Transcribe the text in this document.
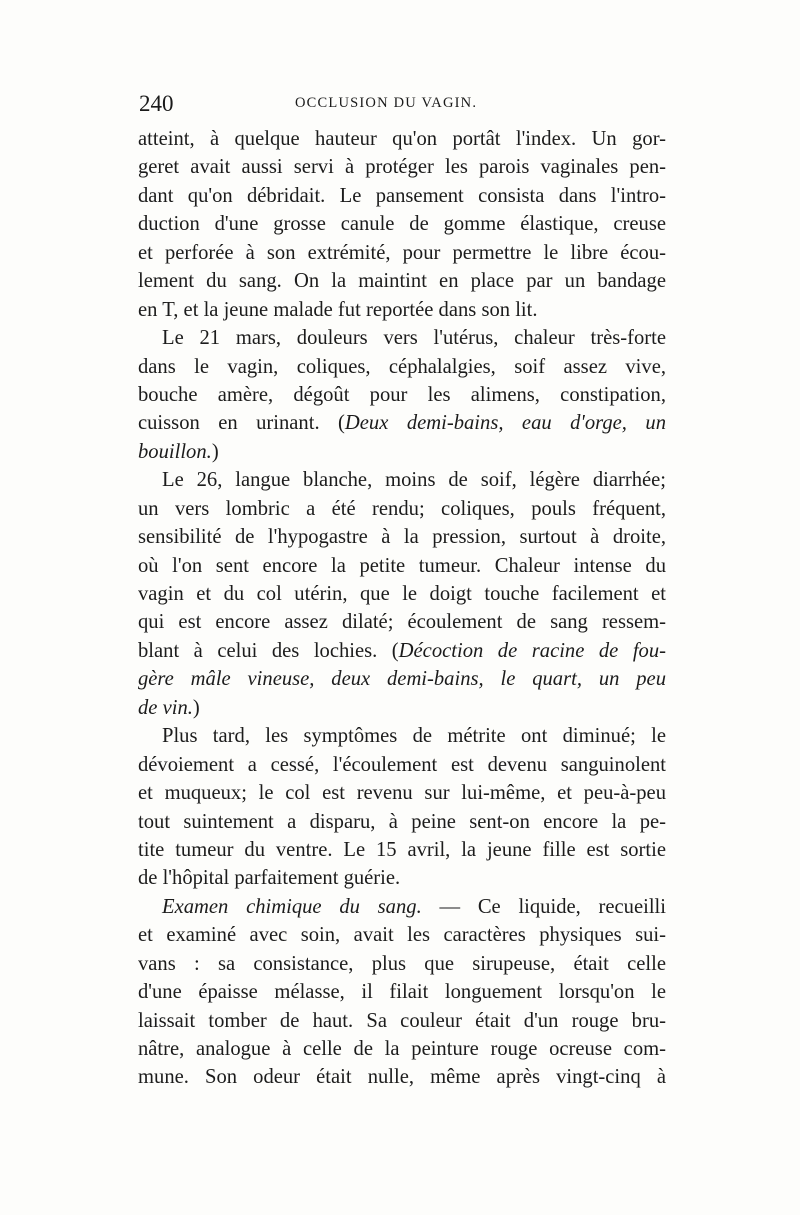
240	OCCLUSION DU VAGIN.
atteint, à quelque hauteur qu'on portât l'index. Un gor-
geret avait aussi servi à protéger les parois vaginales pen-
dant qu'on débridait. Le pansement consista dans l'intro-
duction d'une grosse canule de gomme élastique, creuse
et perforée à son extrémité, pour permettre le libre écou-
lement du sang. On la maintint en place par un bandage
en T, et la jeune malade fut reportée dans son lit.
Le 21 mars, douleurs vers l'utérus, chaleur très-forte
dans le vagin, coliques, céphalalgies, soif assez vive,
bouche amère, dégoût pour les alimens, constipation,
cuisson en urinant. (Deux demi-bains, eau d'orge, un
bouillon.)
Le 26, langue blanche, moins de soif, légère diarrhée;
un vers lombric a été rendu; coliques, pouls fréquent,
sensibilité de l'hypogastre à la pression, surtout à droite,
où l'on sent encore la petite tumeur. Chaleur intense du
vagin et du col utérin, que le doigt touche facilement et
qui est encore assez dilaté; écoulement de sang ressem-
blant à celui des lochies. (Décoction de racine de fou-
gère mâle vineuse, deux demi-bains, le quart, un peu
de vin.)
Plus tard, les symptômes de métrite ont diminué; le
dévoiement a cessé, l'écoulement est devenu sanguinolent
et muqueux; le col est revenu sur lui-même, et peu-à-peu
tout suintement a disparu, à peine sent-on encore la pe-
tite tumeur du ventre. Le 15 avril, la jeune fille est sortie
de l'hôpital parfaitement guérie.
Examen chimique du sang. — Ce liquide, recueilli
et examiné avec soin, avait les caractères physiques sui-
vans : sa consistance, plus que sirupeuse, était celle
d'une épaisse mélasse, il filait longuement lorsqu'on le
laissait tomber de haut. Sa couleur était d'un rouge bru-
nâtre, analogue à celle de la peinture rouge ocreuse com-
mune. Son odeur était nulle, même après vingt-cinq à
